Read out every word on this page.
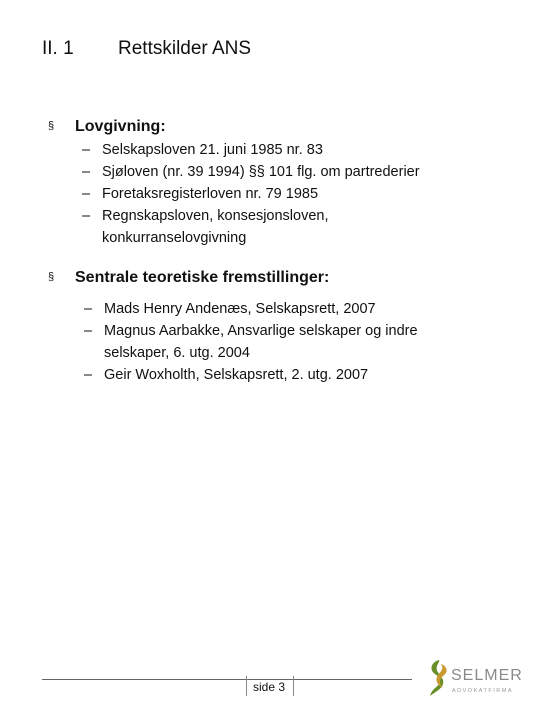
II. 1 Rettskilder ANS
§ Lovgivning:
– Selskapsloven 21. juni 1985 nr. 83
– Sjøloven (nr. 39 1994) §§ 101 flg. om partrederier
– Foretaksregisterloven nr. 79 1985
– Regnskapsloven, konsesjonsloven,
konkurranselovgivning
§ Sentrale teoretiske fremstillinger:
– Mads Henry Andenæs, Selskapsrett, 2007
– Magnus Aarbakke, Ansvarlige selskaper og indre
selskaper, 6. utg. 2004
– Geir Woxholth, Selskapsrett, 2. utg. 2007
side 3
SELMER
ADVOKATFIRMA
